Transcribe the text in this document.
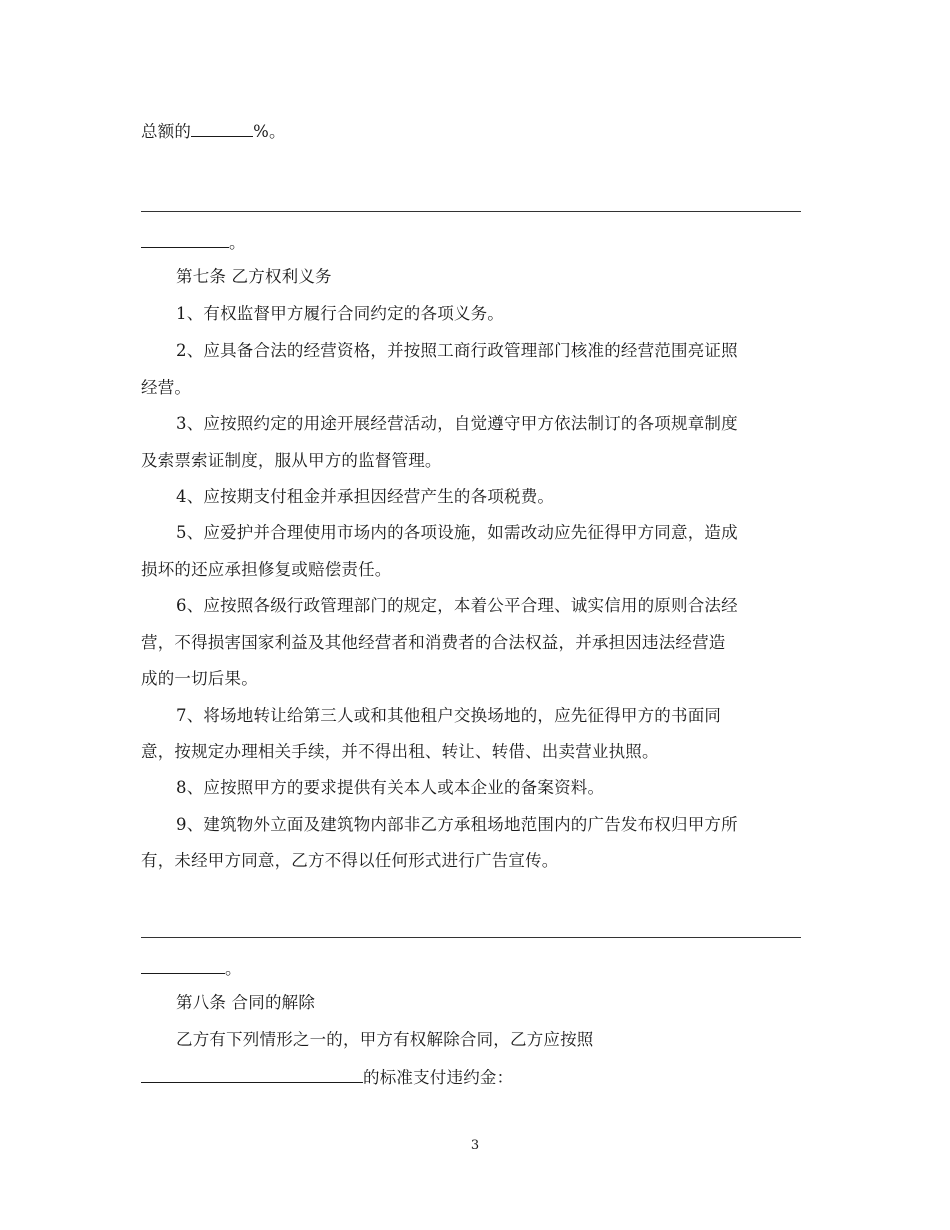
总额的	%。
。
第七条 乙方权利义务
1、有权监督甲方履行合同约定的各项义务。
2、应具备合法的经营资格，并按照工商行政管理部门核准的经营范围亮证照
经营。
3、应按照约定的用途开展经营活动，自觉遵守甲方依法制订的各项规章制度
及索票索证制度，服从甲方的监督管理。
4、应按期支付租金并承担因经营产生的各项税费。
5、应爱护并合理使用市场内的各项设施，如需改动应先征得甲方同意，造成
损坏的还应承担修复或赔偿责任。
6、应按照各级行政管理部门的规定，本着公平合理、诚实信用的原则合法经
营，不得损害国家利益及其他经营者和消费者的合法权益，并承担因违法经营造
成的一切后果。
7、将场地转让给第三人或和其他租户交换场地的，应先征得甲方的书面同
意，按规定办理相关手续，并不得出租、转让、转借、出卖营业执照。
8、应按照甲方的要求提供有关本人或本企业的备案资料。
9、建筑物外立面及建筑物内部非乙方承租场地范围内的广告发布权归甲方所
有，未经甲方同意，乙方不得以任何形式进行广告宣传。
。
第八条 合同的解除
乙方有下列情形之一的，甲方有权解除合同，乙方应按照
的标准支付违约金：
3
